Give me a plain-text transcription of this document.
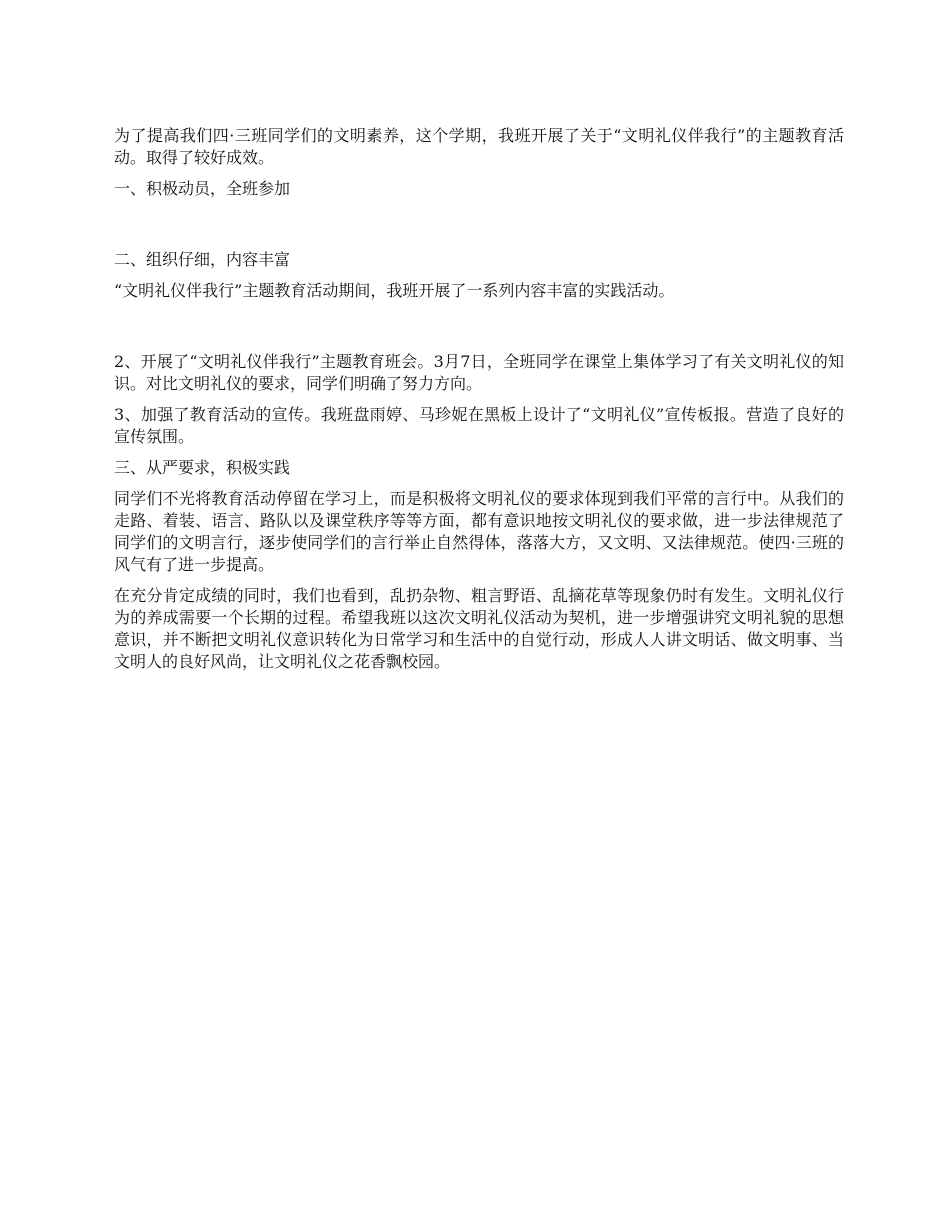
为了提高我们四·三班同学们的文明素养，这个学期，我班开展了关于“文明礼仪伴我行”的主题教育活动。取得了较好成效。

一、积极动员，全班参加

二、组织仔细，内容丰富

“文明礼仪伴我行”主题教育活动期间，我班开展了一系列内容丰富的实践活动。

2、开展了“文明礼仪伴我行”主题教育班会。3月7日，全班同学在课堂上集体学习了有关文明礼仪的知识。对比文明礼仪的要求，同学们明确了努力方向。

3、加强了教育活动的宣传。我班盘雨婷、马珍妮在黑板上设计了“文明礼仪”宣传板报。营造了良好的宣传氛围。

三、从严要求，积极实践

同学们不光将教育活动停留在学习上，而是积极将文明礼仪的要求体现到我们平常的言行中。从我们的走路、着装、语言、路队以及课堂秩序等等方面，都有意识地按文明礼仪的要求做，进一步法律规范了同学们的文明言行，逐步使同学们的言行举止自然得体，落落大方，又文明、又法律规范。使四·三班的风气有了进一步提高。

在充分肯定成绩的同时，我们也看到，乱扔杂物、粗言野语、乱摘花草等现象仍时有发生。文明礼仪行为的养成需要一个长期的过程。希望我班以这次文明礼仪活动为契机，进一步增强讲究文明礼貌的思想意识，并不断把文明礼仪意识转化为日常学习和生活中的自觉行动，形成人人讲文明话、做文明事、当文明人的良好风尚，让文明礼仪之花香飘校园。
